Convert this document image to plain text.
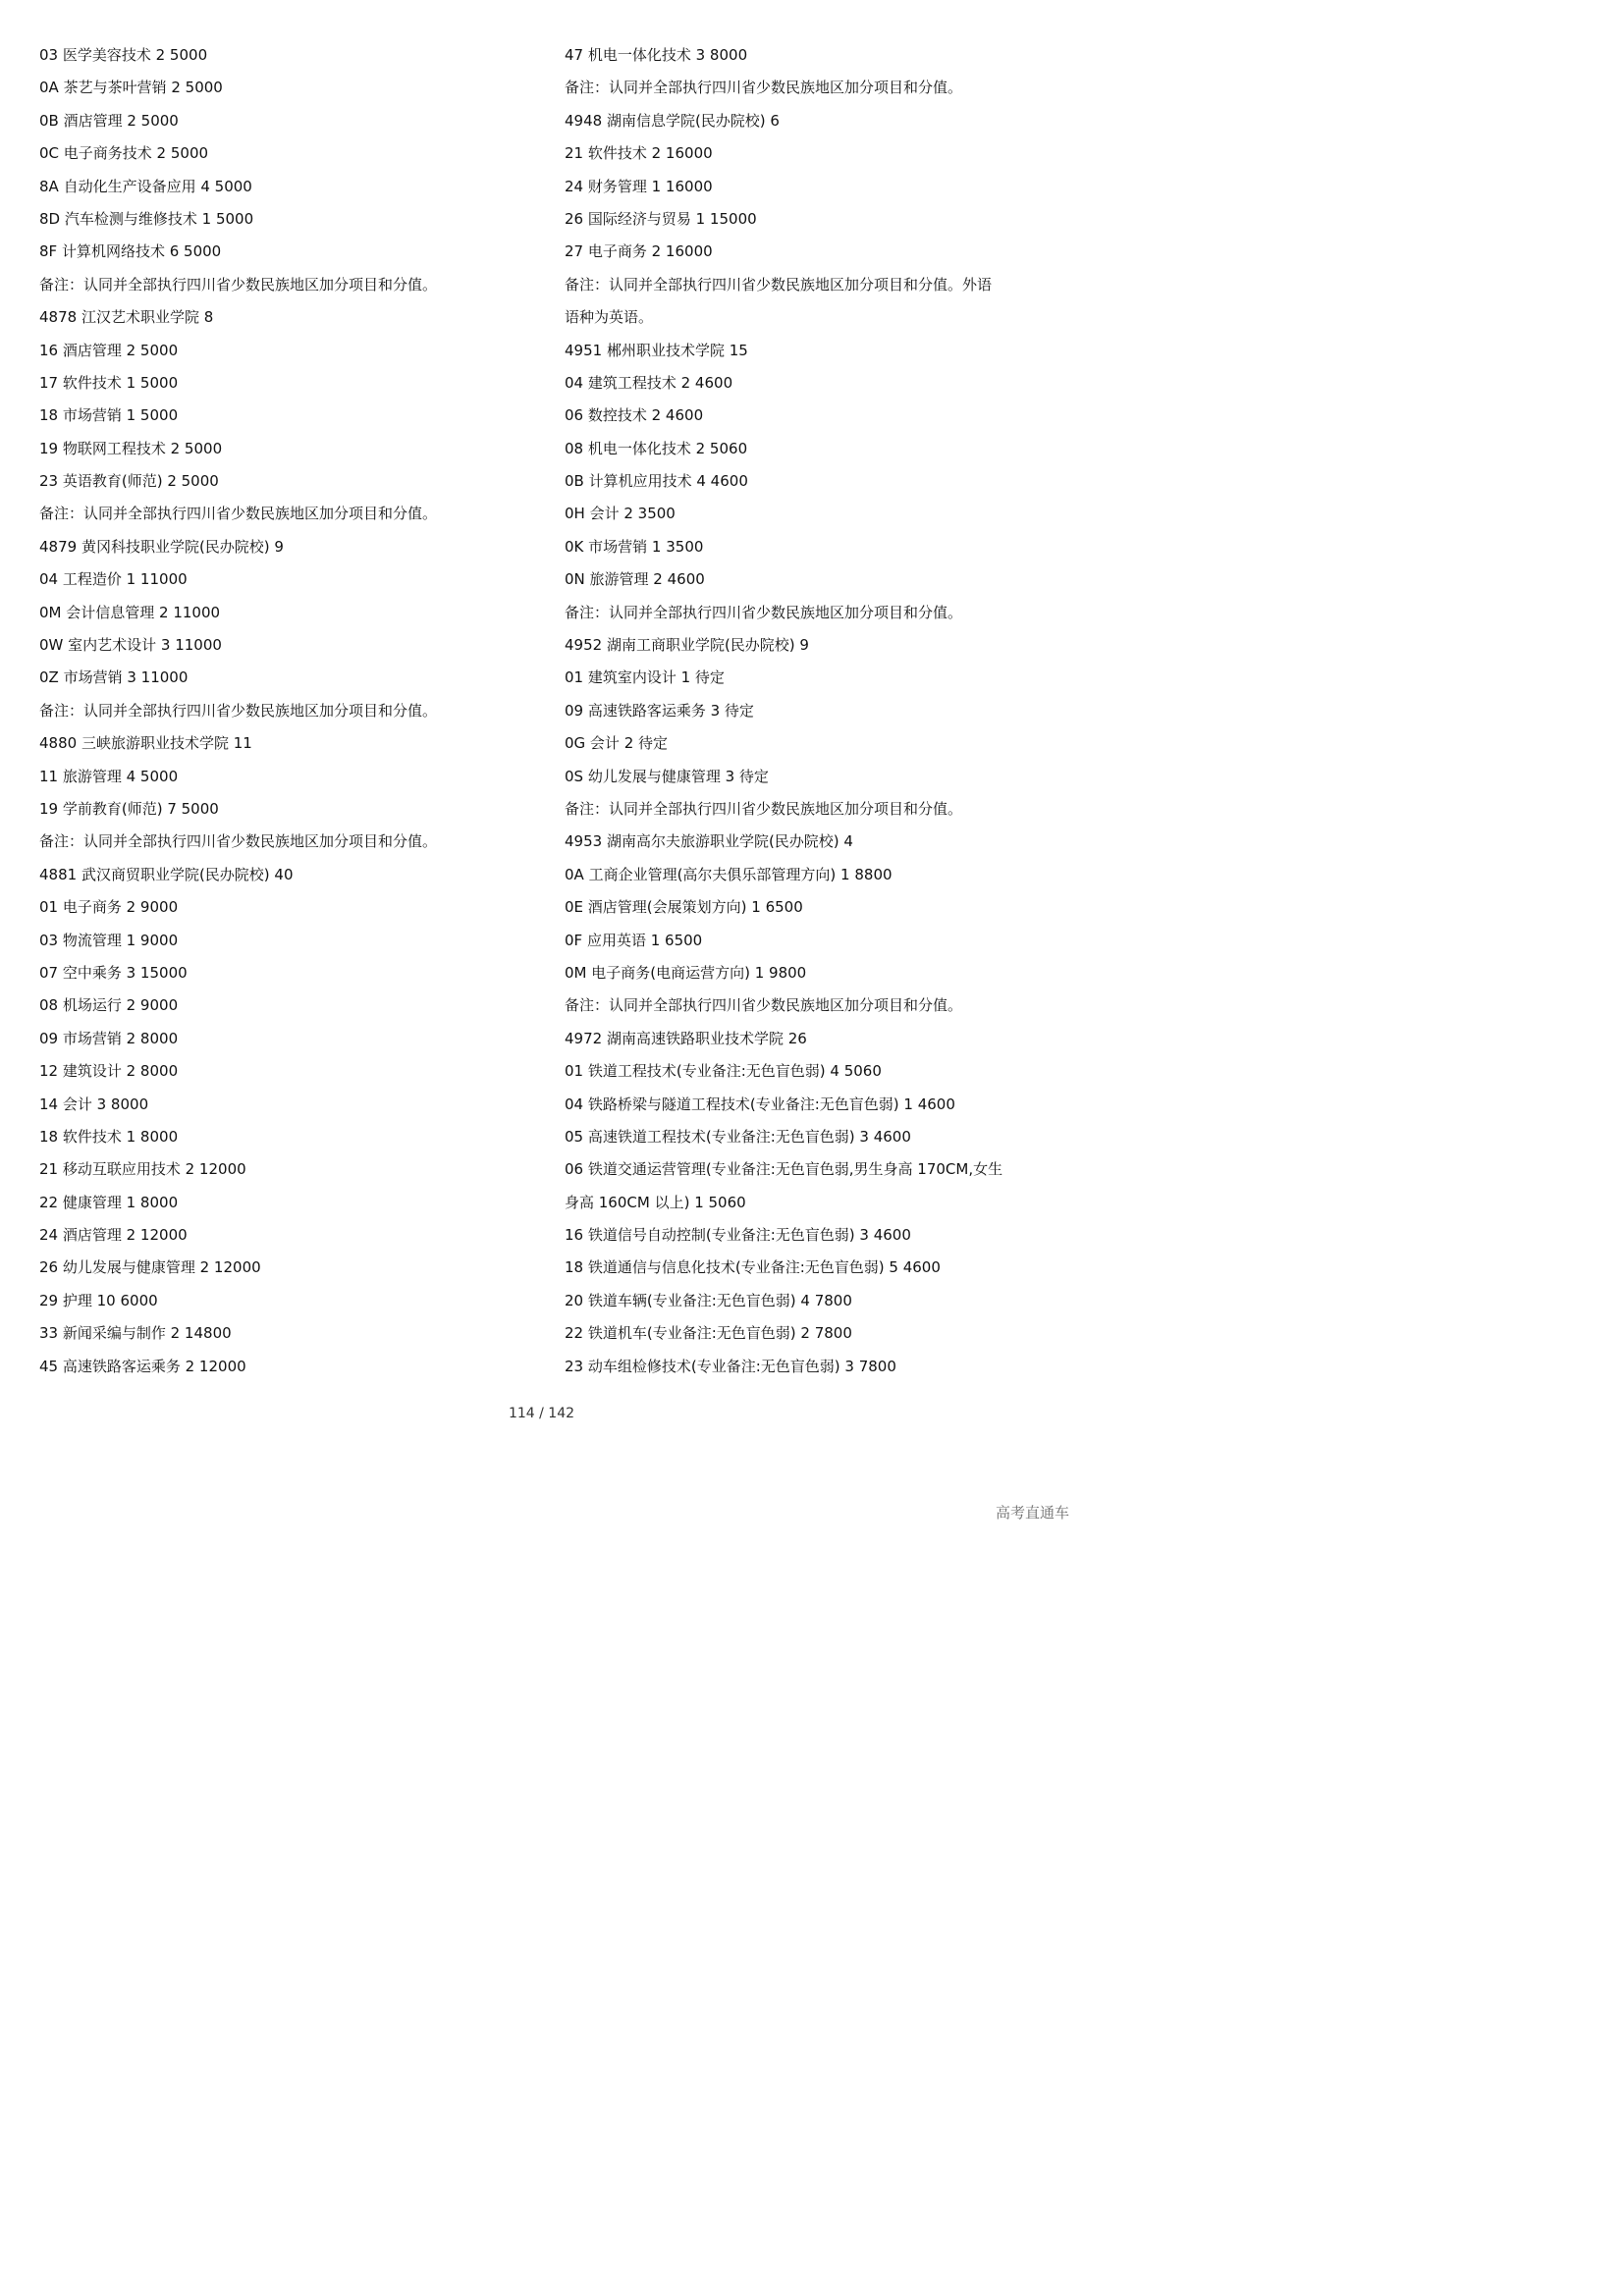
03 医学美容技术 2 5000
0A 茶艺与茶叶营销 2 5000
0B 酒店管理 2 5000
0C 电子商务技术 2 5000
8A 自动化生产设备应用 4 5000
8D 汽车检测与维修技术 1 5000
8F 计算机网络技术 6 5000
备注：认同并全部执行四川省少数民族地区加分项目和分值。
4878 江汉艺术职业学院 8
16 酒店管理 2 5000
17 软件技术 1 5000
18 市场营销 1 5000
19 物联网工程技术 2 5000
23 英语教育(师范) 2 5000
备注：认同并全部执行四川省少数民族地区加分项目和分值。
4879 黄冈科技职业学院(民办院校) 9
04 工程造价 1 11000
0M 会计信息管理 2 11000
0W 室内艺术设计 3 11000
0Z 市场营销 3 11000
备注：认同并全部执行四川省少数民族地区加分项目和分值。
4880 三峡旅游职业技术学院 11
11 旅游管理 4 5000
19 学前教育(师范) 7 5000
备注：认同并全部执行四川省少数民族地区加分项目和分值。
4881 武汉商贸职业学院(民办院校) 40
01 电子商务 2 9000
03 物流管理 1 9000
07 空中乘务 3 15000
08 机场运行 2 9000
09 市场营销 2 8000
12 建筑设计 2 8000
14 会计 3 8000
18 软件技术 1 8000
21 移动互联应用技术 2 12000
22 健康管理 1 8000
24 酒店管理 2 12000
26 幼儿发展与健康管理 2 12000
29 护理 10 6000
33 新闻采编与制作 2 14800
45 高速铁路客运乘务 2 12000
47 机电一体化技术 3 8000
备注：认同并全部执行四川省少数民族地区加分项目和分值。
4948 湖南信息学院(民办院校) 6
21 软件技术 2 16000
24 财务管理 1 16000
26 国际经济与贸易 1 15000
27 电子商务 2 16000
备注：认同并全部执行四川省少数民族地区加分项目和分值。外语
语种为英语。
4951 郴州职业技术学院 15
04 建筑工程技术 2 4600
06 数控技术 2 4600
08 机电一体化技术 2 5060
0B 计算机应用技术 4 4600
0H 会计 2 3500
0K 市场营销 1 3500
0N 旅游管理 2 4600
备注：认同并全部执行四川省少数民族地区加分项目和分值。
4952 湖南工商职业学院(民办院校) 9
01 建筑室内设计 1 待定
09 高速铁路客运乘务 3 待定
0G 会计 2 待定
0S 幼儿发展与健康管理 3 待定
备注：认同并全部执行四川省少数民族地区加分项目和分值。
4953 湖南高尔夫旅游职业学院(民办院校) 4
0A 工商企业管理(高尔夫俱乐部管理方向) 1 8800
0E 酒店管理(会展策划方向) 1 6500
0F 应用英语 1 6500
0M 电子商务(电商运营方向) 1 9800
备注：认同并全部执行四川省少数民族地区加分项目和分值。
4972 湖南高速铁路职业技术学院 26
01 铁道工程技术(专业备注:无色盲色弱) 4 5060
04 铁路桥梁与隧道工程技术(专业备注:无色盲色弱) 1 4600
05 高速铁道工程技术(专业备注:无色盲色弱) 3 4600
06 铁道交通运营管理(专业备注:无色盲色弱,男生身高 170CM,女生
身高 160CM 以上) 1 5060
16 铁道信号自动控制(专业备注:无色盲色弱) 3 4600
18 铁道通信与信息化技术(专业备注:无色盲色弱) 5 4600
20 铁道车辆(专业备注:无色盲色弱) 4 7800
22 铁道机车(专业备注:无色盲色弱) 2 7800
23 动车组检修技术(专业备注:无色盲色弱) 3 7800
114 / 142
高考直通车
